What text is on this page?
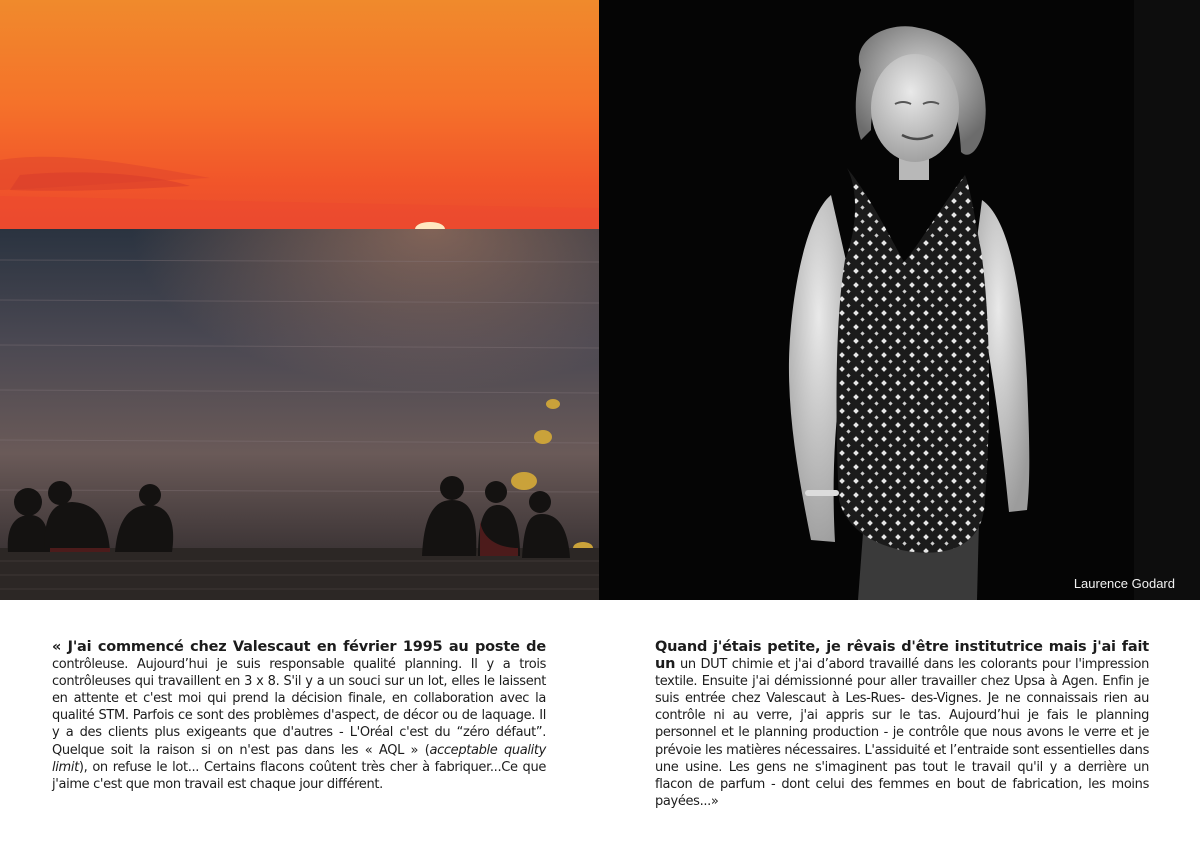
Laurence Godard
« J'ai commencé chez Valescaut en février 1995 au poste de contrôleuse. Aujourd’hui je suis responsable qualité planning. Il y a trois contrôleuses qui travaillent en 3 x 8. S'il y a un souci sur un lot, elles le laissent en attente et c'est moi qui prend la décision finale, en collaboration avec la qualité STM. Parfois ce sont des problèmes d'aspect, de décor ou de laquage. Il y a des clients plus exigeants que d'autres - L'Oréal c'est du “zéro défaut”. Quelque soit la raison si on n'est pas dans les « AQL » (acceptable quality limit), on refuse le lot... Certains flacons coûtent très cher à fabriquer...Ce que j'aime c'est que mon travail est chaque jour différent.
Quand j'étais petite, je rêvais d'être institutrice mais j'ai fait un un DUT chimie et j'ai d’abord travaillé dans les colorants pour l'impression textile. Ensuite j'ai démissionné pour aller travailler chez Upsa à Agen. Enfin je suis entrée chez Valescaut à Les-Rues- des-Vignes. Je ne connaissais rien au contrôle ni au verre, j'ai appris sur le tas. Aujourd’hui je fais le planning personnel et le planning production - je contrôle que nous avons le verre et je prévoie les matières nécessaires. L'assiduité et l’entraide sont essentielles dans une usine. Les gens ne s'imaginent pas tout le travail qu'il y a derrière un flacon de parfum - dont celui des femmes en bout de fabrication, les moins payées...»
